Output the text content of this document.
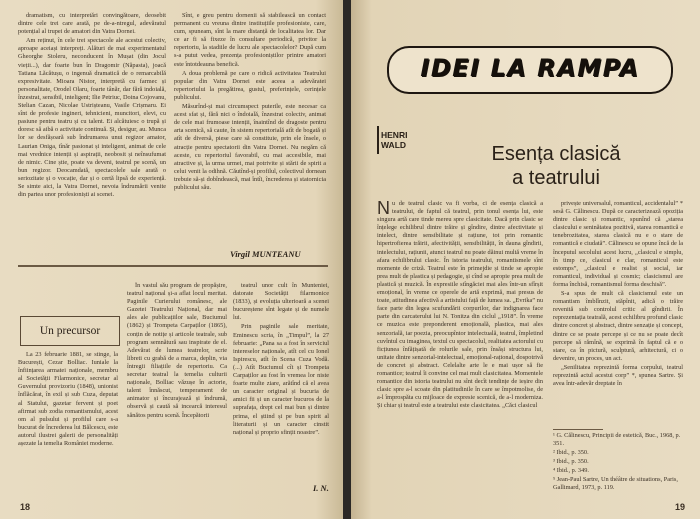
dramatism, cu interpretări convingătoare, deosebit dintre cele trei care arată, pe de-a-ntregul, adevăratul potențial al trupei de amatori din Vatra Dornei.

Am reținut, în cele trei spectacole ale acestui colectiv, aproape aceiași interpreți. Alături de mai experimentatul Gheorghe Stoleru, neconducent în Mușat (din Jocul vieții...), dar foarte bun în Dragomir (Năpasta), joacă Tatiana Lăcătușu, o ingenuă dramatică de o remarcabilă expresivitate. Mioara Nistor, interpretă cu farmec și personalitate, Orodel Olaru, foarte tânăr, dar fără indoială, înzestrat, sensibil, inteligent; Ilie Petriuc, Doina Cojovanu, Stelian Cazan, Nicolae Ustrișteanu, Vasile Crișmaru. Ei sînt de profesie ingineri, tehnicieni, muncitori, elevi, cu pasiune pentru teatru și cu talent. Ei alcătuiesc o trupă și doresc să aibă o activitate continuă. Și, desigur, au. Munca lor se desfășoară sub îndrumarea unui regizor amator, Laurian Oniga, tînăr pasionat și inteligent, animat de cele mai vrednice intenții și aspirații, neobosit și neînsufumat de nimic. Cine știe, poate va deveni, teatrul pe scenă, un bun regizor. Deocamdată, spectacolele sale arată o seriozitate și o vocație, dar și o certă lipsă de experiență. Se simte aici, la Vatra Dornei, nevoia îndrumării venite din partea unor profesioniști ai scenei.

Sînt, e greu pentru dornenii să stabilească un contact permanent cu vreuna dintre instituțiile profesioniste, care, cum, spuneam, sînt la mare distanță de localitatea lor. Dar ce ar fi să fixeze în consultare periodică, privitor la repertoriu, la stadiile de lucru ale spectacolelor? După cum s-a putut vedea, prezența profesioniștilor printre amatori este întotdeauna benefică.

A doua problemă pe care o ridică activitatea Teatrului popular din Vatra Dornei este aceea a adevăratei repertoriului la pregătirea, gustul, preferințele, cerințele publicului.

Măsurînd-și mai circumspect puterile, este necesar ca acest sfat și, fără nici o îndoială, înzestrat colectiv, animat de cele mai frumoase intenții, înaintînd de dragoste pentru arta scenică, să caute, în sistem repertorială atît de bogată și atît de diversă, piese care să constituie, prin ele însele, o atracție pentru spectatorii din Vatra Dornei. Nu negăm că aceste, cu repertoriul favorabil, cu mai accesibile, mai atractive și, la urma urmei, mai potrivite și stării de spirit a celui venit la odihnă. Căutînd-și profilul, colectivul dornean trebuie să-și dobîndească, mai întîi, încrederea și statornicia publicului său.

Virgil MUNTEANU
Un precursor

La 23 februarie 1881, se stinge, la București, Cezar Bolliac. Iuniale la înființarea armatei naționale, membru al Societății Filarmonice, secretar al Guvernului provizoriu (1848), unionist înflăcărat, în exil și sub Cuza, deputat al Statului, gazetar fervent și poet afirmat sub zodia romantismului, acest om al pulsului și profilul care s-a bucurat de încrederea lui Bălcescu, este autorul ilustrei galerii de personalități așezate la temelia României moderne.

În vastul său program de propășire, teatrul național și-a aflat locul meritat. Paginile Curierului românesc, ale Gazetei Teatrului Național, dar mai ales ale publicațiilor sale, Buciumul (1862) și Trompeta Carpaților (1865), conțin de notițe și articole teatrale, sub program semnătură sau inspirate de el. Adevărat de lumea teatrelor, scrie libreti cu grabă de a marca, deplin, via întregii filiațiile de repertoriu. Ca secretar teatral la temelia culturii naționale, Bolliac văzușe în actorie, talent înnăscut, temperament de animator și încurajează și îndrumă, observă și caută să incearcă interesul sănătos pentru scenă. Începătorii

teatrul unor cult în Munteniei, datorate Societății filarmonice (1833), și evoluția ulterioară a scenei bucureștene sînt legate și de numele lui.

Prin paginile sale meritate, Eminescu scria, în „Timpul”, la 27 februarie: „Pana sa a fost în serviciul intereselor naționale, atît cel cu Ionel Ispirescu, atît în Scena Cuza Vodă. (...) Atît Buciumul cît și Trompeta Carpaților au fost în vremea lor niste foarte multe ziare, arătînd că el avea un caracter original și bucuria de amici fii și un caracter bucuros de la suprafața, drept cel mai bun și dintre prima, el știind și pe bun spirit al literaturii și un caracter cinstit național și proprio sfințit noastre”.

I. N.
18
IDEI LA RAMPA
HENRI
WALD	Esența clasică
a teatrului
N u de teatrul clasic va fi vorba, ci de esența clasică a teatrului, de faptul că teatrul, prin tonul esența lui, este singura artă care tinde mereu spre clasicitate. Dacă prin clasic se înțelege echilibrul dintre trăire și gîndire, dintre afectivitate și intelect, dintre sensibilitate și rațiune, tot prin romantic hipertrofierea trăirii, afectivității, sensibilității, în dauna gîndirii, intelectului, rațiunii, atunci teatrul nu poate dăinui multă vreme în afara echilibrului clasic. În istoria teatrului, romantismele sînt momente de criză. Teatrul este în primejdie și tinde se apropie prea mult de plastica și pedagogie, și cînd se apropie prea mult de plastică și muzică. În expresiile stîngăciei mai ales într-un sfîrșit emoțional, în vreme ce operele de artă exprimă, mai presus de toate, atitudinea afectivă a artistului față de lumea sa. „Evrika” nu face parte din legea scufundării corpurilor, dar indignarea face parte din carcaterului lui N. Tonitza din ciclul „1918”. În vreme ce muzica este preponderent emoțională, plastica, mai ales senzorială, iar poezia, preocupîntor intelectuală, teatrul, împletind cuvîntul cu imaginea, textul cu spectacolul, realitatea actorului cu ficțiunea înfățișată de rolurile sale, prin însăși structura lui, unitate dintre senzorial-intelectual, emoțional-rațional, dospotrivă de concret și abstract. Celelalte arte le e mai ușor să fie romantice; teatrul îi convine cel mai mult clasicitatea. Momentele romantice din istoria teatrului nu sînt decît tendințe de ieșire din clasic spre a-l scoate din platitudinile în care se împotmolise, de a-l împrospăta cu mijloace de expresie scenică, de a-l moderniza. Și chiar și teatrul este a teatrului este clasicitatea. „Căci clasicul

privește universalul, romanticul, accidentalul” * sesă G. Călinescu. După ce caracterizează opoziția dintre clasic și romantic, spunînd că „starea clasicului e seninătatea pozitivă, starea romantică e tenebrozitatea, starea clasică nu e o stare de romantică e ciudată”. Călinescu se opune încă de la începutul secolului acest lucru, „clasicul e simplu, în timp ce, clasicul e clar, romanticul este estomps”, „clasicul e realist și social, iar romanticul, individual și cosmic; clasicismul are forma închisă, romantismul forma deschisă”.

S-a spus de mult că clasicismul este un romantism îmblînzit, stăpînit, adică o trăire revenită sub controlul critic al gîndirii. În reprezentația teatrală, acest echilibru profund clasic dintre concret și abstract, dintre senzație și concept, dintre ce se poate percepe și ce nu se poate decît percepe să rămînă, se exprimă în faptul că e o stare, ca în pictură, sculptură, arhitectură, ci o devenire, un proces, un act.

„Senilitatea reprezintă forma corpului, teatrul reprezintă actul acestui corp” *, spunea Sartre. Și avea într-adevăr dreptate în

¹ G. Călinescu, Principii de estetică, Buc., 1968, p. 351.
² Ibid., p. 350.
³ Ibid., p. 350.
⁴ Ibid., p. 349.
⁵ Jean-Paul Sartre, Un théâtre de situations, Paris, Gallimard, 1973, p. 119.
19
